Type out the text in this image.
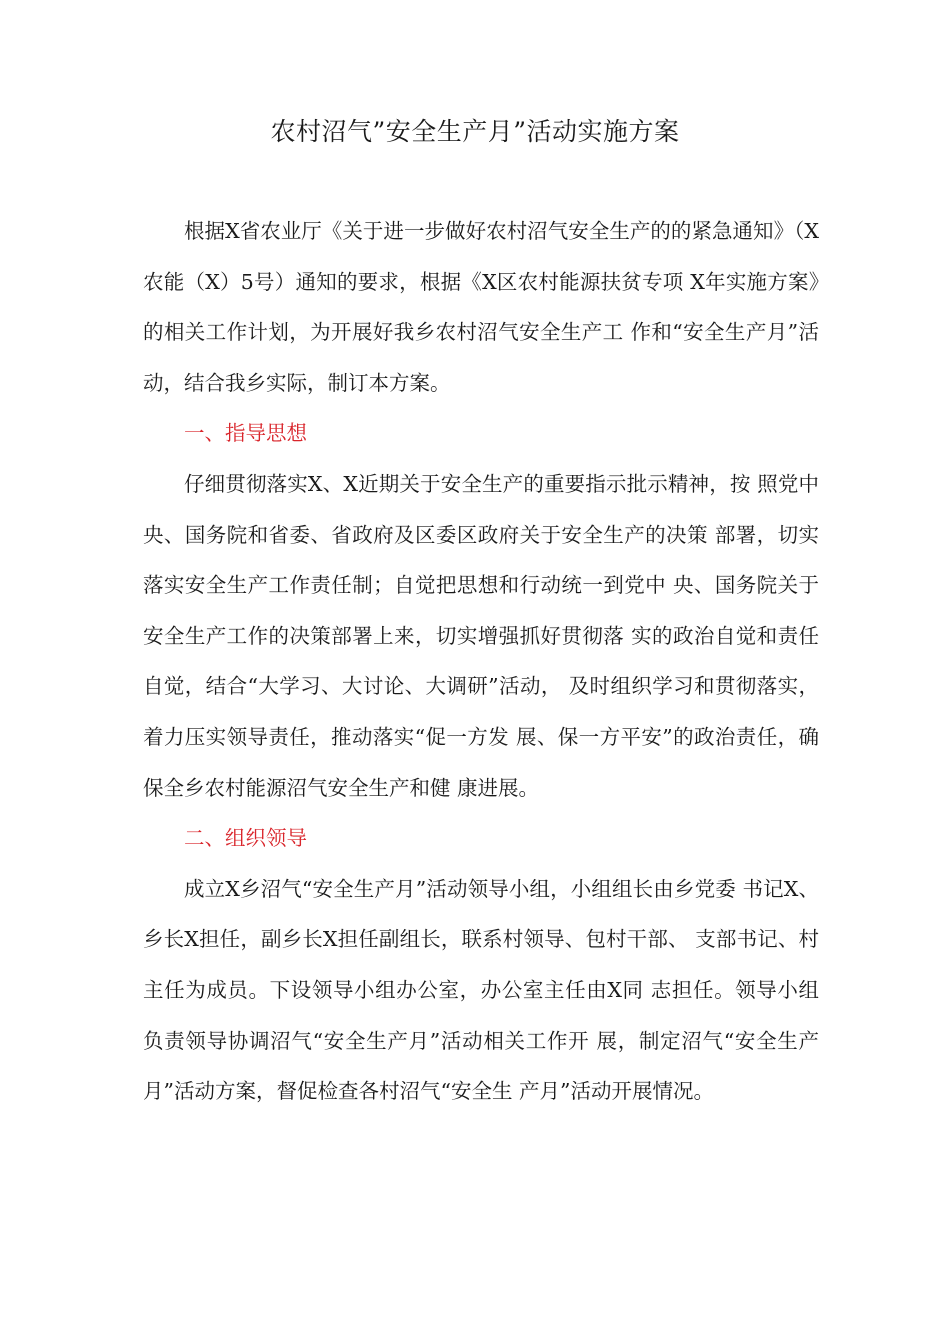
农村沼气”安全生产月”活动实施方案

根据X省农业厅《关于进一步做好农村沼气安全生产的的紧急通知》（X农能（X）5号）通知的要求，根据《X区农村能源扶贫专项 X年实施方案》的相关工作计划，为开展好我乡农村沼气安全生产工 作和“安全生产月”活动，结合我乡实际，制订本方案。

一、指导思想

仔细贯彻落实X、X近期关于安全生产的重要指示批示精神，按 照党中央、国务院和省委、省政府及区委区政府关于安全生产的决策 部署，切实落实安全生产工作责任制；自觉把思想和行动统一到党中 央、国务院关于安全生产工作的决策部署上来，切实增强抓好贯彻落 实的政治自觉和责任自觉，结合“大学习、大讨论、大调研”活动， 及时组织学习和贯彻落实，着力压实领导责任，推动落实“促一方发 展、保一方平安”的政治责任，确保全乡农村能源沼气安全生产和健 康进展。

二、组织领导

成立X乡沼气“安全生产月”活动领导小组，小组组长由乡党委 书记X、乡长X担任，副乡长X担任副组长，联系村领导、包村干部、 支部书记、村主任为成员。下设领导小组办公室，办公室主任由X同 志担任。领导小组负责领导协调沼气“安全生产月”活动相关工作开 展，制定沼气“安全生产月”活动方案，督促检查各村沼气“安全生 产月”活动开展情况。
